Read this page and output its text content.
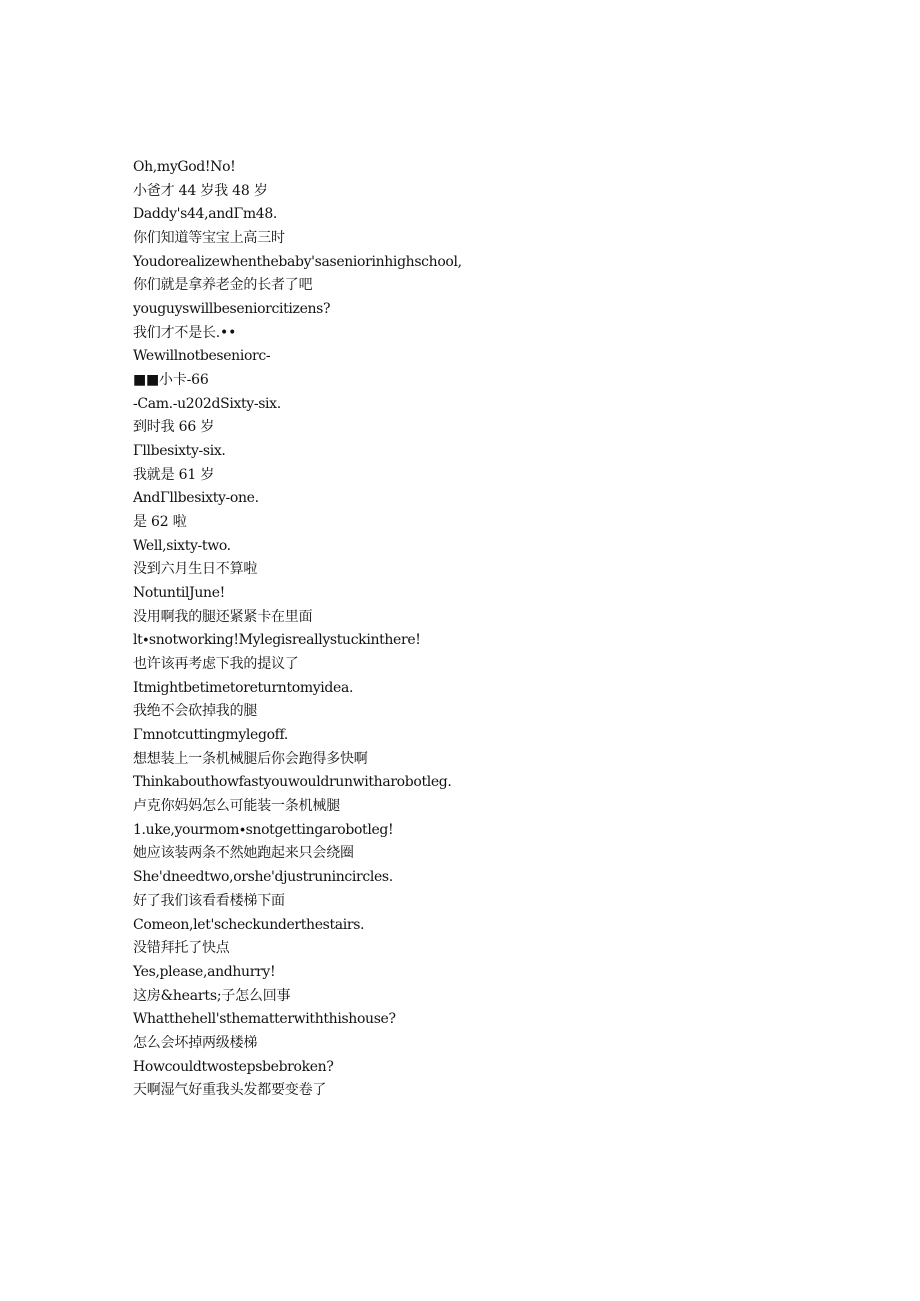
Oh,myGod!No!
小爸才 44 岁我 48 岁
Daddy's44,andΓm48.
你们知道等宝宝上高三时
Youdorealizewhenthebaby'saseniorinhighschool,
你们就是拿养老金的长者了吧
youguyswillbeseniorcitizens?
我们才不是长.••
Wewillnotbeseniorc-
■■小卡-66
-Cam.-u202dSixty-six.
到时我 66 岁
Γllbesixty-six.
我就是 61 岁
AndΓllbesixty-one.
是 62 啦
Well,sixty-two.
没到六月生日不算啦
NotuntilJune!
没用啊我的腿还紧紧卡在里面
lt∙snotworking!Mylegisreallystuckinthere!
也许该再考虑下我的提议了
Itmightbetimetoreturntomyidea.
我绝不会砍掉我的腿
Γmnotcuttingmylegoff.
想想装上一条机械腿后你会跑得多快啊
Thinkabouthowfastyouwouldrunwitharobotleg.
卢克你妈妈怎么可能装一条机械腿
1.uke,yourmom∙snotgettingarobotleg!
她应该装两条不然她跑起来只会绕圈
She'dneedtwo,orshe'djustrunincircles.
好了我们该看看楼梯下面
Comeon,let'scheckunderthestairs.
没错拜托了快点
Yes,please,andhurry!
这房&hearts;子怎么回事
Whatthehell'sthematterwiththishouse?
怎么会坏掉两级楼梯
Howcouldtwostepsbebroken?
天啊湿气好重我头发都要变卷了
